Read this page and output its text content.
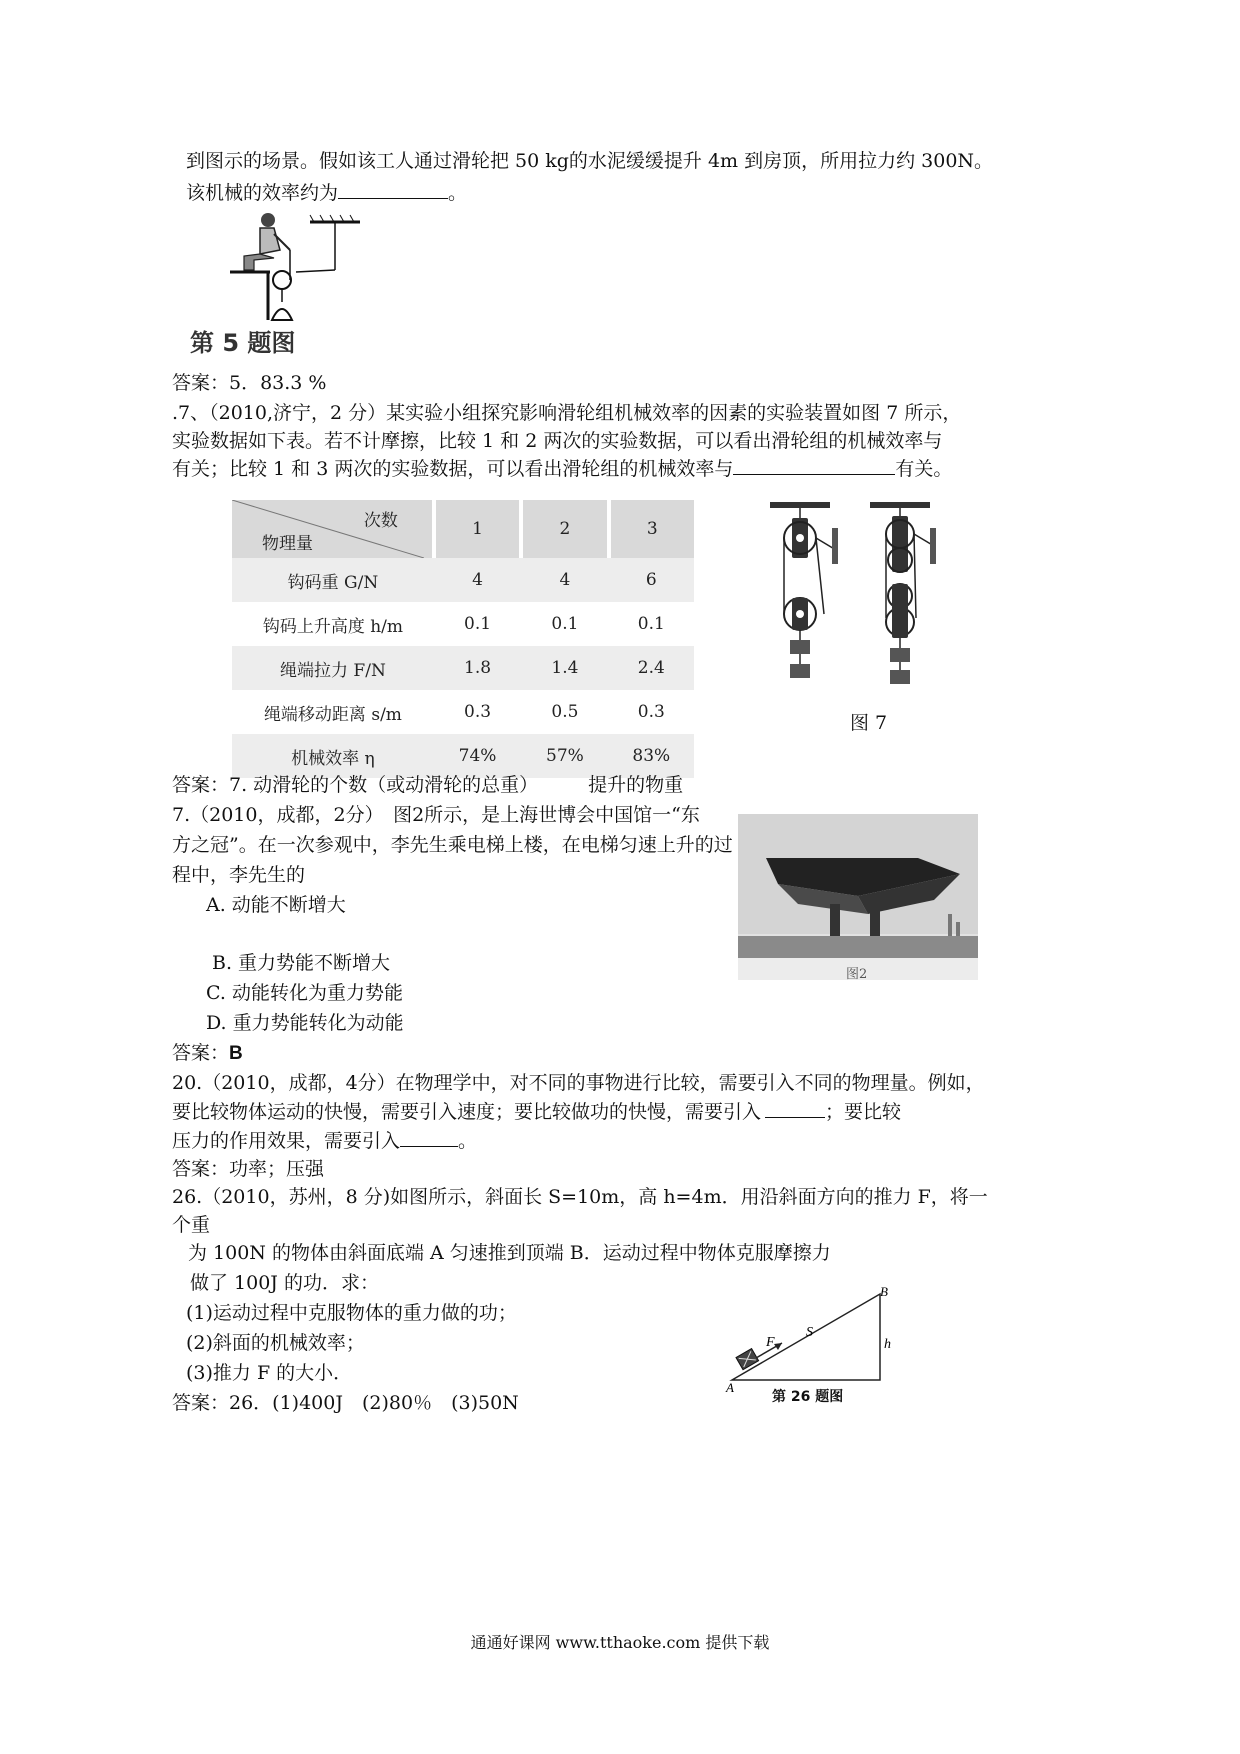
到图示的场景。假如该工人通过滑轮把 50 kg的水泥缓缓提升 4m 到房顶，所用拉力约 300N。
该机械的效率约为	。
第 5 题图
答案：5．83.3 %
.7、（2010,济宁，2 分）某实验小组探究影响滑轮组机械效率的因素的实验装置如图 7 所示，
实验数据如下表。若不计摩擦，比较 1 和 2 两次的实验数据，可以看出滑轮组的机械效率与
有关；比较 1 和 3 两次的实验数据，可以看出滑轮组的机械效率与	有关。
次数
物理量	1	2	3
钩码重 G/N	4	4	6
钩码上升高度 h/m	0.1	0.1	0.1
绳端拉力 F/N	1.8	1.4	2.4
绳端移动距离 s/m	0.3	0.5	0.3
机械效率 η	74%	57%	83%
图 7
答案：7. 动滑轮的个数（或动滑轮的总重）	提升的物重
7.（2010，成都，2分）　图2所示，是上海世博会中国馆一“东
方之冠”。在一次参观中，李先生乘电梯上楼，在电梯匀速上升的过
程中，李先生的
A. 动能不断增大
B. 重力势能不断增大
C. 动能转化为重力势能
D. 重力势能转化为动能
图2
答案：B
20.（2010，成都，4分）在物理学中，对不同的事物进行比较，需要引入不同的物理量。例如，
要比较物体运动的快慢，需要引入速度；要比较做功的快慢，需要引入	；要比较
压力的作用效果，需要引入	。
答案：功率；压强
26.（2010，苏州，8 分)如图所示，斜面长 S=10m，高 h=4m．用沿斜面方向的推力 F，将一
个重
为 100N 的物体由斜面底端 A 匀速推到顶端 B．运动过程中物体克服摩擦力
做了 100J 的功．求：
(1)运动过程中克服物体的重力做的功；
(2)斜面的机械效率；
(3)推力 F 的大小．
F
S
h
B
A
第 26 题图
答案：26．(1)400J　(2)80％　(3)50N
通通好课网 www.tthaoke.com 提供下载
